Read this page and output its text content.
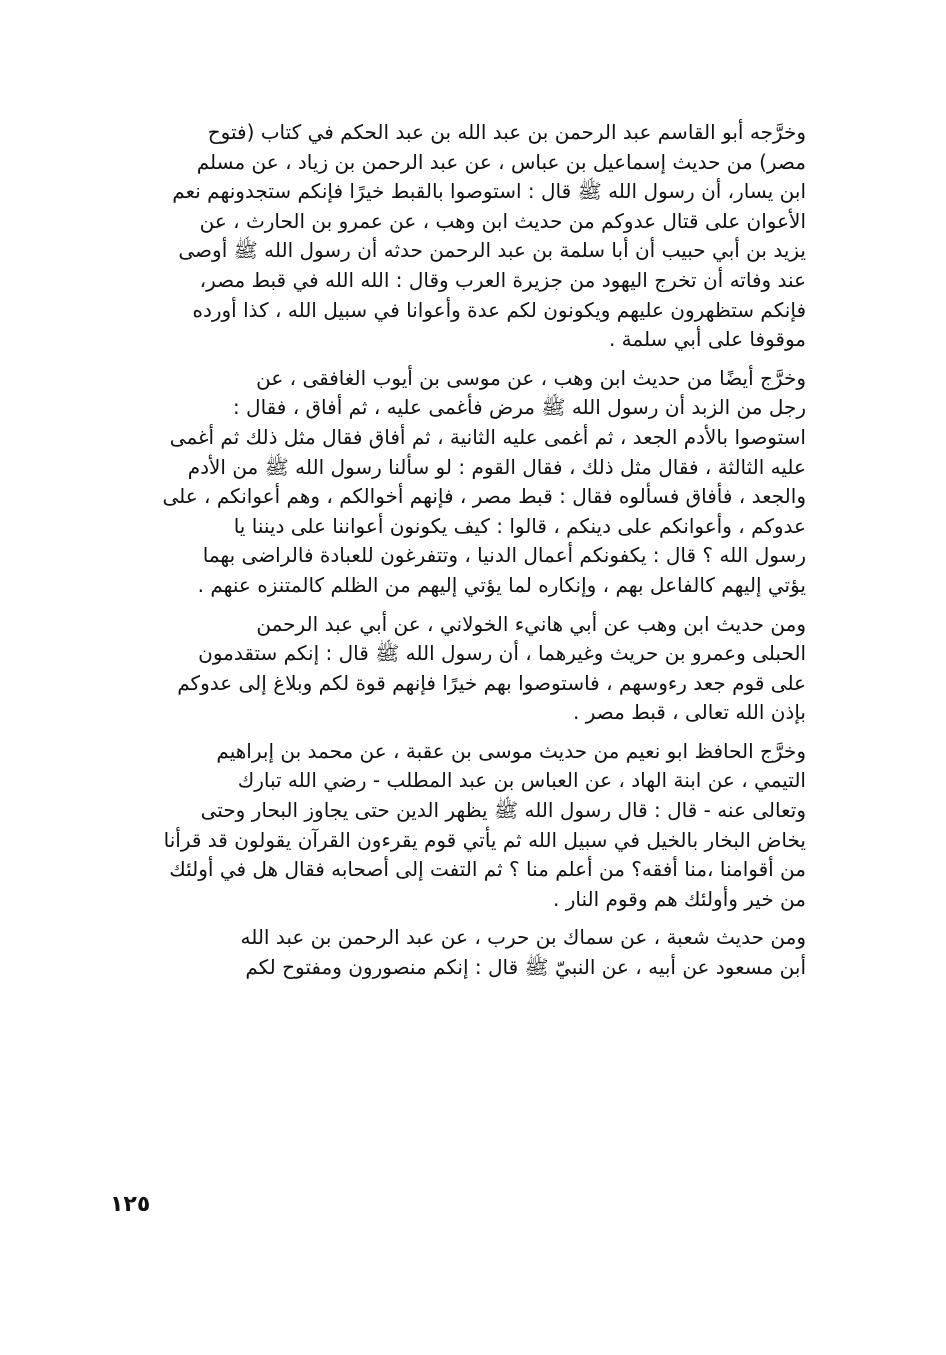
وخرَّجه أبو القاسم عبد الرحمن بن عبد الله بن عبد الحكم في كتاب (فتوح
مصر) من حديث إسماعيل بن عباس ، عن عبد الرحمن بن زياد ، عن مسلم
ابن يسار، أن رسول الله ﷺ قال : استوصوا بالقبط خيرًا فإنكم ستجدونهم نعم
الأعوان على قتال عدوكم من حديث ابن وهب ، عن عمرو بن الحارث ، عن
يزيد بن أبي حبيب أن أبا سلمة بن عبد الرحمن حدثه أن رسول الله ﷺ أوصى
عند وفاته أن تخرج اليهود من جزيرة العرب وقال : الله الله في قبط مصر،
فإنكم ستظهرون عليهم ويكونون لكم عدة وأعوانا في سبيل الله ، كذا أورده
موقوفا على أبي سلمة .
وخرَّج أيضًا من حديث ابن وهب ، عن موسى بن أيوب الغافقى ، عن
رجل من الزبد أن رسول الله ﷺ مرض فأغمى عليه ، ثم أفاق ، فقال :
استوصوا بالأدم الجعد ، ثم أغمى عليه الثانية ، ثم أفاق فقال مثل ذلك ثم أغمى
عليه الثالثة ، فقال مثل ذلك ، فقال القوم : لو سألنا رسول الله ﷺ من الأدم
والجعد ، فأفاق فسألوه فقال : قبط مصر ، فإنهم أخوالكم ، وهم أعوانكم ، على
عدوكم ، وأعوانكم على دينكم ، قالوا : كيف يكونون أعواننا على ديننا يا
رسول الله ؟ قال : يكفونكم أعمال الدنيا ، وتتفرغون للعبادة فالراضى بهما
يؤتي إليهم كالفاعل بهم ، وإنكاره لما يؤتي إليهم من الظلم كالمتنزه عنهم .
ومن حديث ابن وهب عن أبي هانيء الخولاني ، عن أبي عبد الرحمن
الحبلى وعمرو بن حريث وغيرهما ، أن رسول الله ﷺ قال : إنكم ستقدمون
على قوم جعد رءوسهم ، فاستوصوا بهم خيرًا فإنهم قوة لكم وبلاغ إلى عدوكم
بإذن الله تعالى ، قبط مصر .
وخرَّج الحافظ ابو نعيم من حديث موسى بن عقبة ، عن محمد بن إبراهيم
التيمي ، عن ابنة الهاد ، عن العباس بن عبد المطلب - رضي الله تبارك
وتعالى عنه - قال : قال رسول الله ﷺ يظهر الدين حتى يجاوز البحار وحتى
يخاض البخار بالخيل في سبيل الله ثم يأتي قوم يقرءون القرآن يقولون قد قرأنا
من أقوامنا ،منا أفقه؟ من أعلم منا ؟ ثم التفت إلى أصحابه فقال هل في أولئك
من خير وأولئك هم وقوم النار .
ومن حديث شعبة ، عن سماك بن حرب ، عن عبد الرحمن بن عبد الله
أبن مسعود عن أبيه ، عن النبيّ ﷺ قال : إنكم منصورون ومفتوح لكم
١٢٥
